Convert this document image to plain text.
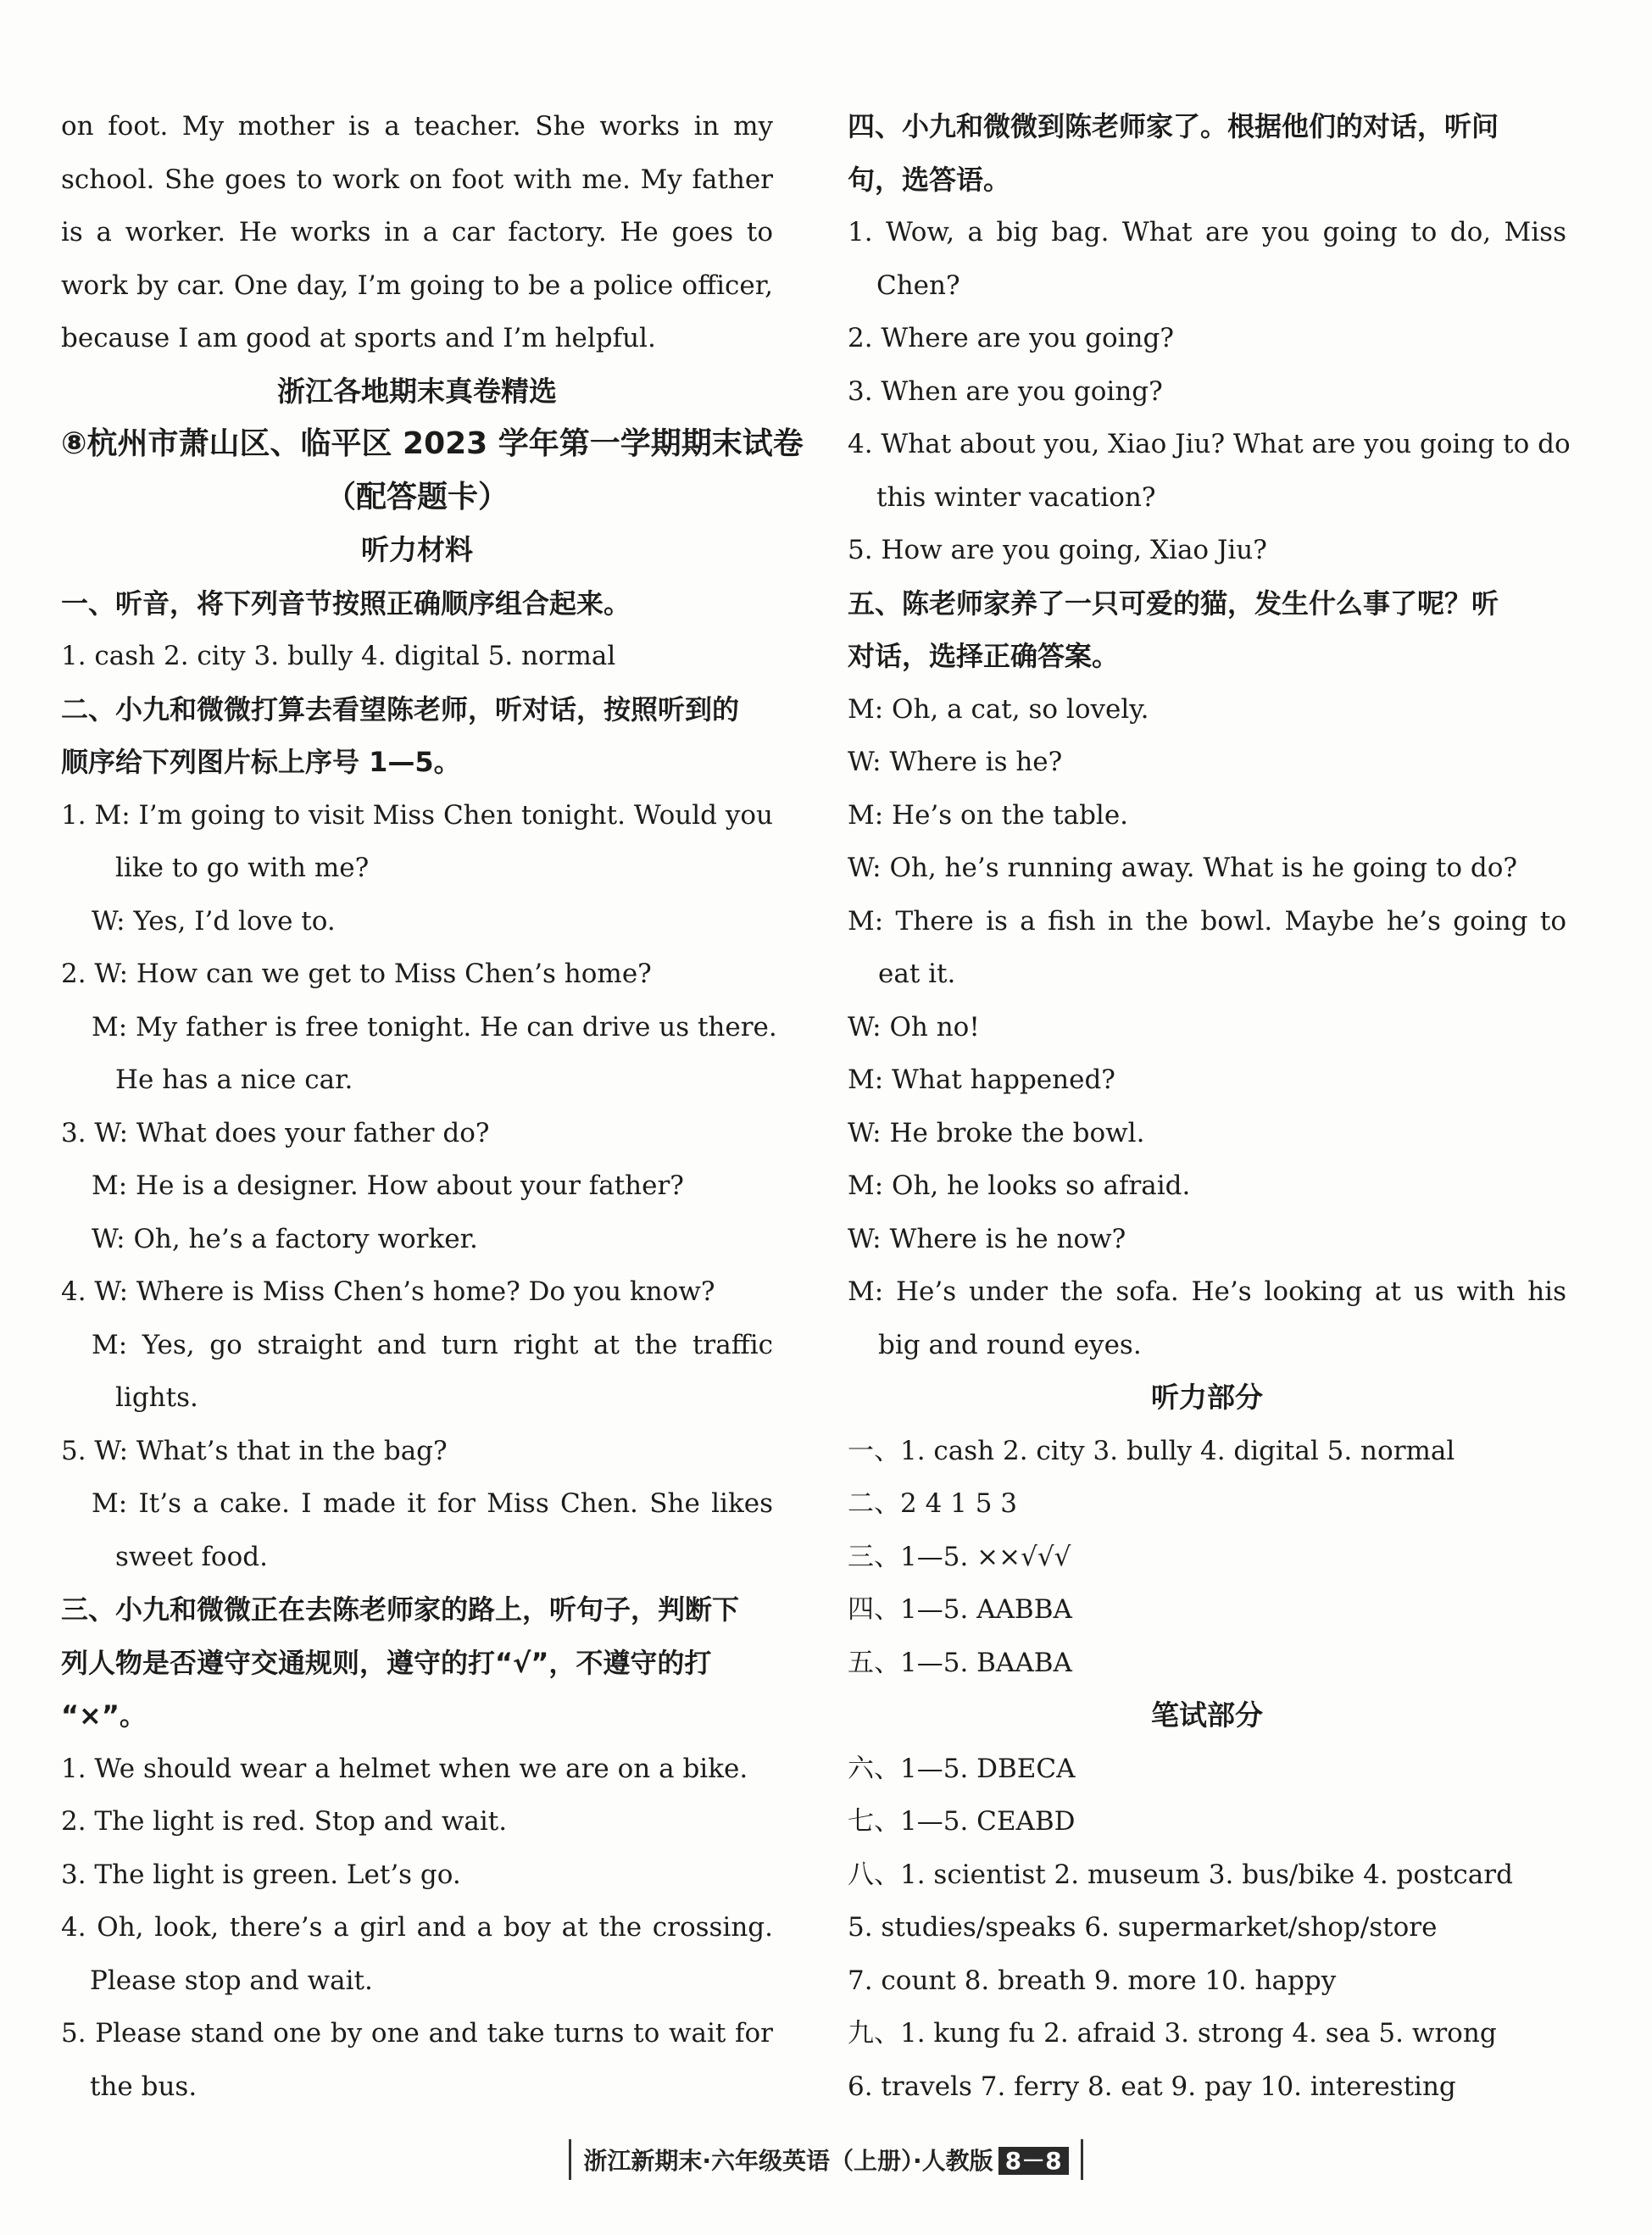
on foot. My mother is a teacher. She works in my
school. She goes to work on foot with me. My father
is a worker. He works in a car factory. He goes to
work by car. One day, I’m going to be a police officer,
because I am good at sports and I’m helpful.
浙江各地期末真卷精选
⑧杭州市萧山区、临平区 2023 学年第一学期期末试卷
（配答题卡）
听力材料
一、听音，将下列音节按照正确顺序组合起来。
1. cash 2. city 3. bully 4. digital 5. normal
二、小九和微微打算去看望陈老师，听对话，按照听到的
顺序给下列图片标上序号 1—5。
1. M: I’m going to visit Miss Chen tonight. Would you
like to go with me?
W: Yes, I’d love to.
2. W: How can we get to Miss Chen’s home?
M: My father is free tonight. He can drive us there.
He has a nice car.
3. W: What does your father do?
M: He is a designer. How about your father?
W: Oh, he’s a factory worker.
4. W: Where is Miss Chen’s home? Do you know?
M: Yes, go straight and turn right at the traffic
lights.
5. W: What’s that in the bag?
M: It’s a cake. I made it for Miss Chen. She likes
sweet food.
三、小九和微微正在去陈老师家的路上，听句子，判断下
列人物是否遵守交通规则，遵守的打“√”，不遵守的打
“×”。
1. We should wear a helmet when we are on a bike.
2. The light is red. Stop and wait.
3. The light is green. Let’s go.
4. Oh, look, there’s a girl and a boy at the crossing.
Please stop and wait.
5. Please stand one by one and take turns to wait for
the bus.
四、小九和微微到陈老师家了。根据他们的对话，听问
句，选答语。
1. Wow, a big bag. What are you going to do, Miss
Chen?
2. Where are you going?
3. When are you going?
4. What about you, Xiao Jiu? What are you going to do
this winter vacation?
5. How are you going, Xiao Jiu?
五、陈老师家养了一只可爱的猫，发生什么事了呢？听
对话，选择正确答案。
M: Oh, a cat, so lovely.
W: Where is he?
M: He’s on the table.
W: Oh, he’s running away. What is he going to do?
M: There is a fish in the bowl. Maybe he’s going to
eat it.
W: Oh no!
M: What happened?
W: He broke the bowl.
M: Oh, he looks so afraid.
W: Where is he now?
M: He’s under the sofa. He’s looking at us with his
big and round eyes.
听力部分
一、1. cash 2. city 3. bully 4. digital 5. normal
二、2 4 1 5 3
三、1—5. ××√√√
四、1—5. AABBA
五、1—5. BAABA
笔试部分
六、1—5. DBECA
七、1—5. CEABD
八、1. scientist 2. museum 3. bus/bike 4. postcard
5. studies/speaks 6. supermarket/shop/store
7. count 8. breath 9. more 10. happy
九、1. kung fu 2. afraid 3. strong 4. sea 5. wrong
6. travels 7. ferry 8. eat 9. pay 10. interesting
浙江新期末·六年级英语（上册）·人教版 8－8
